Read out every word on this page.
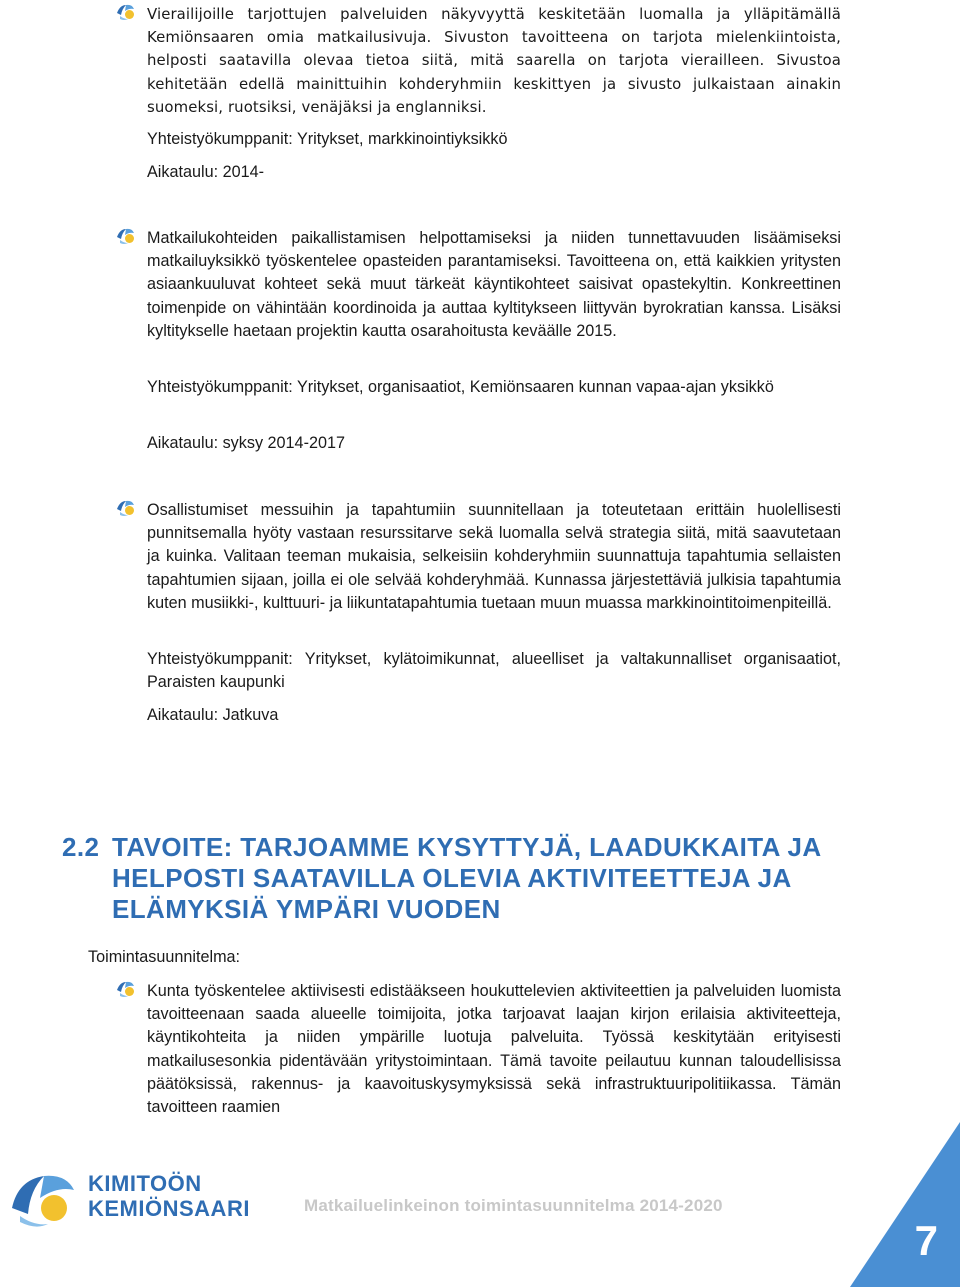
Vierailijoille tarjottujen palveluiden näkyvyyttä keskitetään luomalla ja ylläpitämällä Kemiönsaaren omia matkailusivuja. Sivuston tavoitteena on tarjota mielenkiintoista, helposti saatavilla olevaa tietoa siitä, mitä saarella on tarjota vierailleen. Sivustoa kehitetään edellä mainittuihin kohderyhmiin keskittyen ja sivusto julkaistaan ainakin suomeksi, ruotsiksi, venäjäksi ja englanniksi.

Yhteistyökumppanit: Yritykset, markkinointiyksikkö

Aikataulu: 2014-

Matkailukohteiden paikallistamisen helpottamiseksi ja niiden tunnettavuuden lisäämiseksi matkailuyksikkö työskentelee opasteiden parantamiseksi. Tavoitteena on, että kaikkien yritysten asiaankuuluvat kohteet sekä muut tärkeät käyntikohteet saisivat opastekyltin. Konkreettinen toimenpide on vähintään koordinoida ja auttaa kyltitykseen liittyvän byrokratian kanssa. Lisäksi kyltitykselle haetaan projektin kautta osarahoitusta keväälle 2015.

Yhteistyökumppanit: Yritykset, organisaatiot, Kemiönsaaren kunnan vapaa-ajan yksikkö

Aikataulu: syksy 2014-2017

Osallistumiset messuihin ja tapahtumiin suunnitellaan ja toteutetaan erittäin huolellisesti punnitsemalla hyöty vastaan resurssitarve sekä luomalla selvä strategia siitä, mitä saavutetaan ja kuinka. Valitaan teeman mukaisia, selkeisiin kohderyhmiin suunnattuja tapahtumia sellaisten tapahtumien sijaan, joilla ei ole selvää kohderyhmää. Kunnassa järjestettäviä julkisia tapahtumia kuten musiikki-, kulttuuri- ja liikuntatapahtumia tuetaan muun muassa markkinointitoimenpiteillä.

Yhteistyökumppanit: Yritykset, kylätoimikunnat, alueelliset ja valtakunnalliset organisaatiot, Paraisten kaupunki

Aikataulu: Jatkuva

2.2 TAVOITE: TARJOAMME KYSYTTYJÄ, LAADUKKAITA JA HELPOSTI SAATAVILLA OLEVIA AKTIVITEETTEJA JA ELÄMYKSIÄ YMPÄRI VUODEN

Toimintasuunnitelma:

Kunta työskentelee aktiivisesti edistääkseen houkuttelevien aktiviteettien ja palveluiden luomista tavoitteenaan saada alueelle toimijoita, jotka tarjoavat laajan kirjon erilaisia aktiviteetteja, käyntikohteita ja niiden ympärille luotuja palveluita. Työssä keskitytään erityisesti matkailusesonkia pidentävään yritystoimintaan. Tämä tavoite peilautuu kunnan taloudellisissa päätöksissä, rakennus- ja kaavoituskysymyksissä sekä infrastruktuuripolitiikassa. Tämän tavoitteen raamien

KIMITOÖN
KEMIÖNSAARI	Matkailuelinkeinon toimintasuunnitelma 2014-2020

7
